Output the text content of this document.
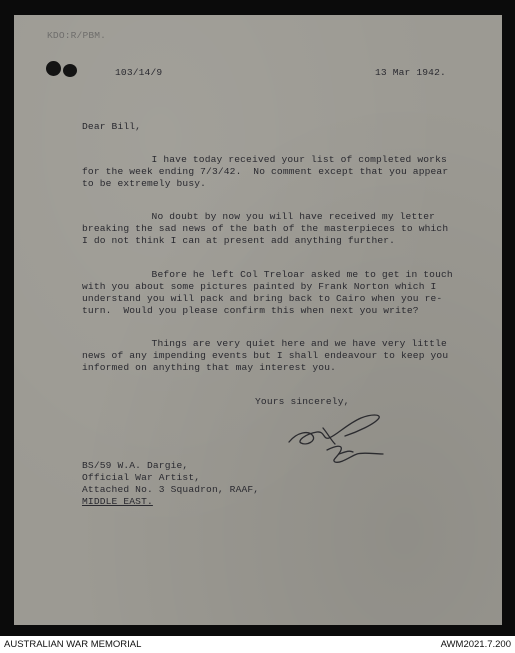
KDO:R/PBM.

103/14/9	13 Mar 1942.

Dear Bill,

I have today received your list of completed works

for the week ending 7/3/42.  No comment except that you appear

to be extremely busy.

No doubt by now you will have received my letter

breaking the sad news of the bath of the masterpieces to which

I do not think I can at present add anything further.

Before he left Col Treloar asked me to get in touch

with you about some pictures painted by Frank Norton which I

understand you will pack and bring back to Cairo when you re-

turn.  Would you please confirm this when next you write?

Things are very quiet here and we have very little

news of any impending events but I shall endeavour to keep you

informed on anything that may interest you.

Yours sincerely,

BS/59 W.A. Dargie,

Official War Artist,

Attached No. 3 Squadron, RAAF,

MIDDLE EAST.

AUSTRALIAN WAR MEMORIAL	AWM2021.7.200
